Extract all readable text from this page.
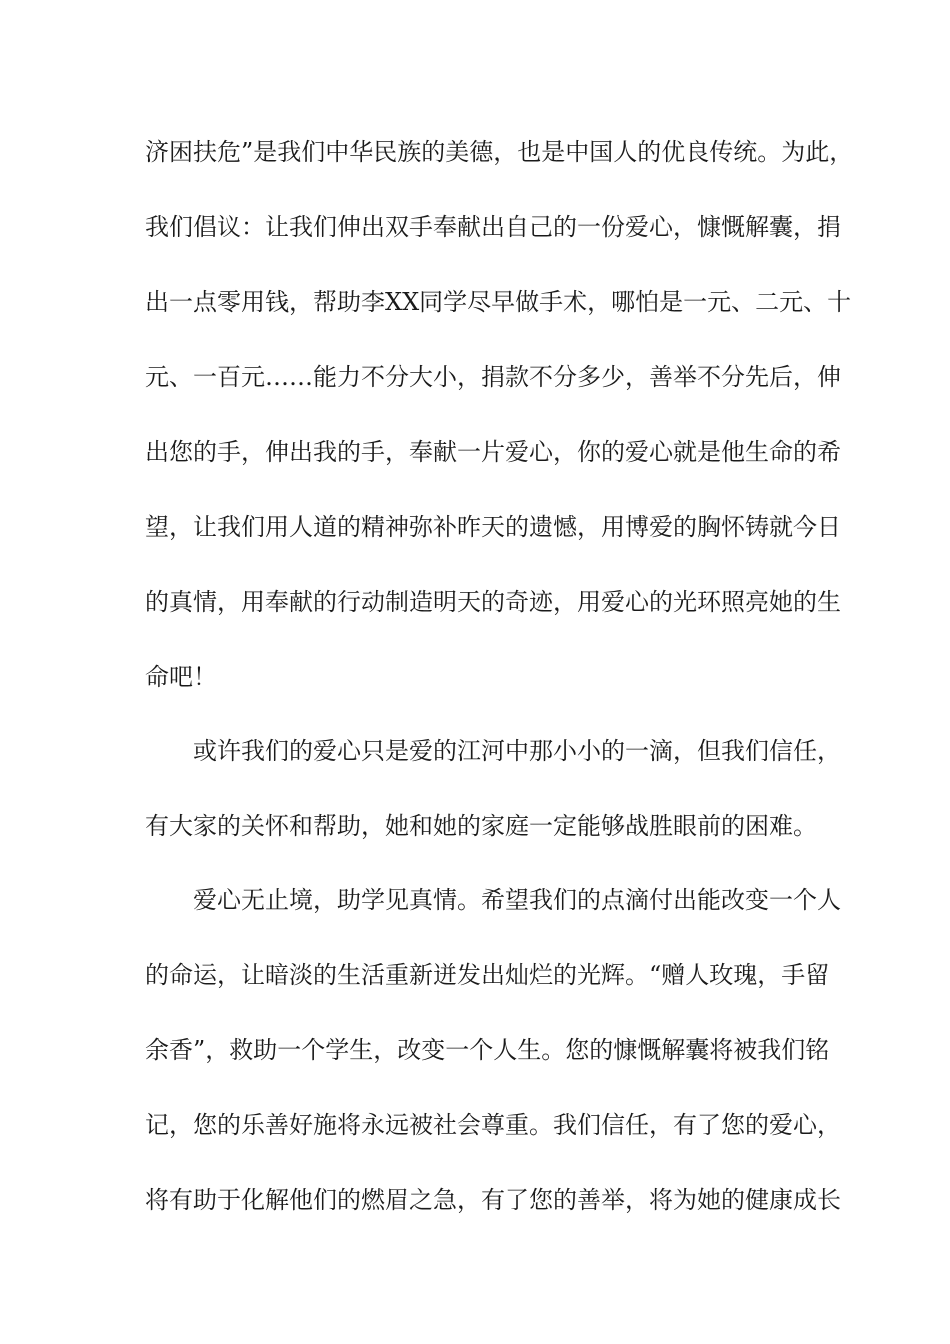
济困扶危”是我们中华民族的美德，也是中国人的优良传统。为此，
我们倡议：让我们伸出双手奉献出自己的一份爱心，慷慨解囊，捐
出一点零用钱，帮助李XX同学尽早做手术，哪怕是一元、二元、十
元、一百元……能力不分大小，捐款不分多少，善举不分先后，伸
出您的手，伸出我的手，奉献一片爱心，你的爱心就是他生命的希
望，让我们用人道的精神弥补昨天的遗憾，用博爱的胸怀铸就今日
的真情，用奉献的行动制造明天的奇迹，用爱心的光环照亮她的生
命吧！
或许我们的爱心只是爱的江河中那小小的一滴，但我们信任，
有大家的关怀和帮助，她和她的家庭一定能够战胜眼前的困难。
爱心无止境，助学见真情。希望我们的点滴付出能改变一个人
的命运，让暗淡的生活重新迸发出灿烂的光辉。“赠人玫瑰，手留
余香”，救助一个学生，改变一个人生。您的慷慨解囊将被我们铭
记，您的乐善好施将永远被社会尊重。我们信任，有了您的爱心，
将有助于化解他们的燃眉之急，有了您的善举，将为她的健康成长
